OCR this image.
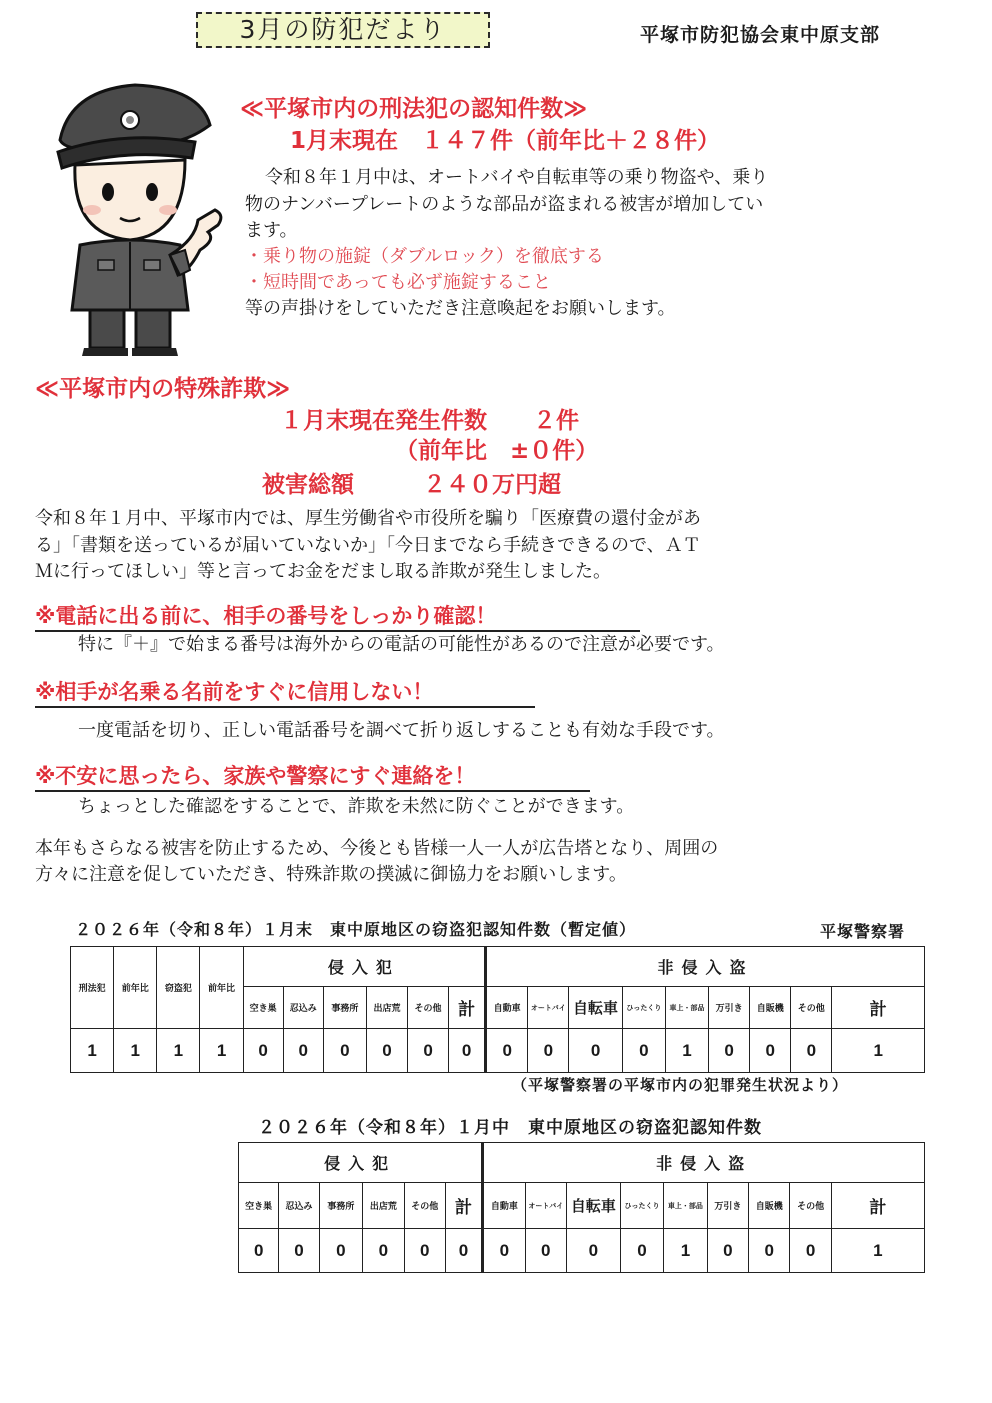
3月の防犯だより	平塚市防犯協会東中原支部
≪平塚市内の刑法犯の認知件数≫
1月末現在　１４７件（前年比＋２８件）
令和８年１月中は、オートバイや自転車等の乗り物盗や、乗り
物のナンバープレートのような部品が盗まれる被害が増加してい
ます。
・乗り物の施錠（ダブルロック）を徹底する
・短時間であっても必ず施錠すること
等の声掛けをしていただき注意喚起をお願いします。
≪平塚市内の特殊詐欺≫
１月末現在発生件数　　２件
（前年比　±０件）
被害総額　　　２４０万円超
令和８年１月中、平塚市内では、厚生労働省や市役所を騙り「医療費の還付金があ
る」「書類を送っているが届いていないか」「今日までなら手続きできるので、ＡＴ
Ｍに行ってほしい」等と言ってお金をだまし取る詐欺が発生しました。
※電話に出る前に、相手の番号をしっかり確認！
特に『＋』で始まる番号は海外からの電話の可能性があるので注意が必要です。
※相手が名乗る名前をすぐに信用しない！
一度電話を切り、正しい電話番号を調べて折り返しすることも有効な手段です。
※不安に思ったら、家族や警察にすぐ連絡を！
ちょっとした確認をすることで、詐欺を未然に防ぐことができます。
本年もさらなる被害を防止するため、今後とも皆様一人一人が広告塔となり、周囲の
方々に注意を促していただき、特殊詐欺の撲滅に御協力をお願いします。
２０２６年（令和８年）１月末　東中原地区の窃盗犯認知件数（暫定値）	平塚警察署
刑法犯	前年比	窃盗犯	前年比	侵入犯						非侵入盗								
				空き巣	忍込み	事務所	出店荒	その他	計	自動車	オートバイ	自転車	ひったくり	車上・部品	万引き	自販機	その他	計
1	1	1	1	0	0	0	0	0	0	0	0	0	0	1	0	0	0	1
（平塚警察署の平塚市内の犯罪発生状況より）
２０２６年（令和８年）１月中　東中原地区の窃盗犯認知件数
侵入犯						非侵入盗								
空き巣	忍込み	事務所	出店荒	その他	計	自動車	オートバイ	自転車	ひったくり	車上・部品	万引き	自販機	その他	計
0	0	0	0	0	0	0	0	0	0	1	0	0	0	1
